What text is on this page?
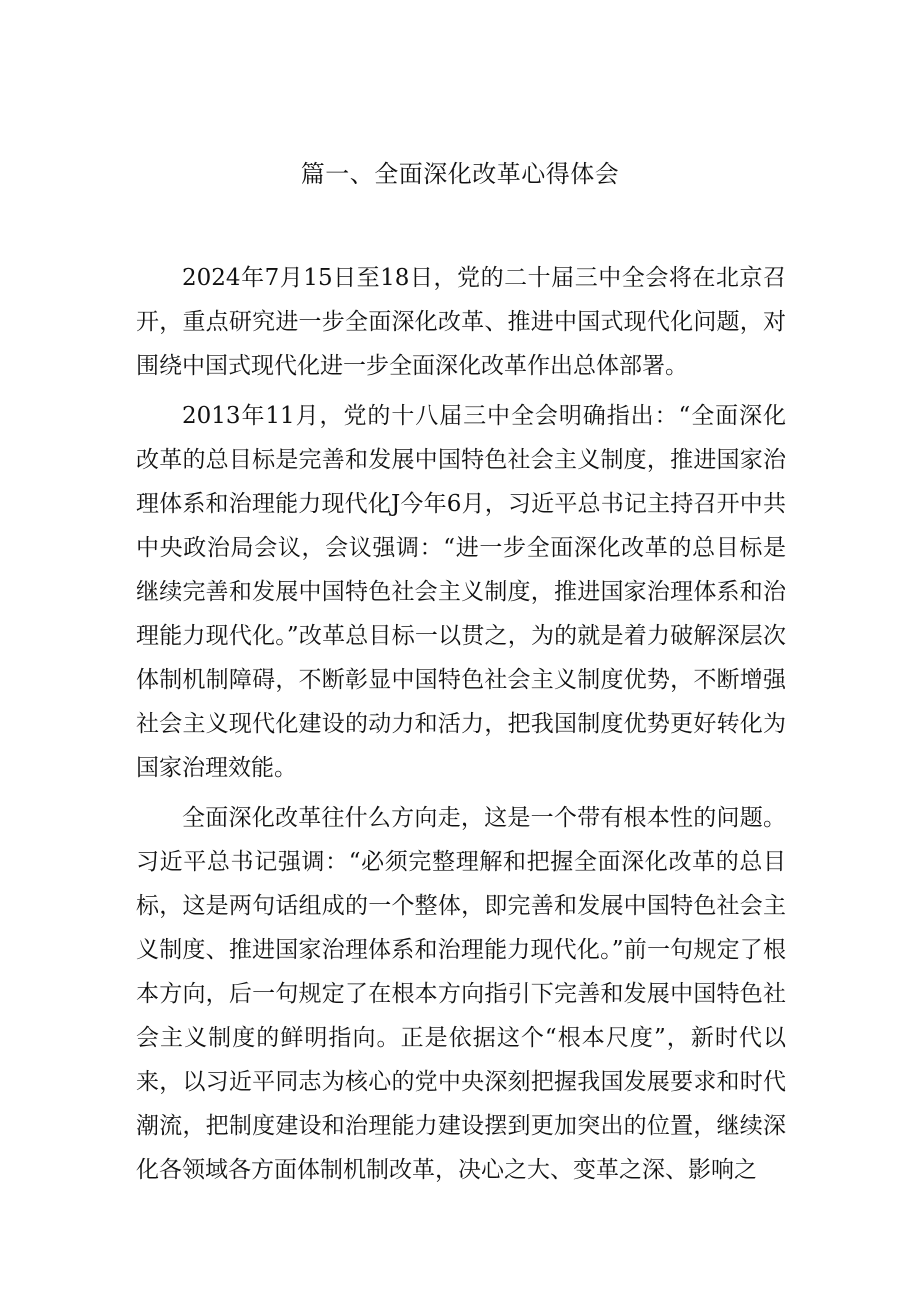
篇一、全面深化改革心得体会

2024年7月15日至18日，党的二十届三中全会将在北京召开，重点研究进一步全面深化改革、推进中国式现代化问题，对围绕中国式现代化进一步全面深化改革作出总体部署。

2013年11月，党的十八届三中全会明确指出：“全面深化改革的总目标是完善和发展中国特色社会主义制度，推进国家治理体系和治理能力现代化J今年6月，习近平总书记主持召开中共中央政治局会议，会议强调：“进一步全面深化改革的总目标是继续完善和发展中国特色社会主义制度，推进国家治理体系和治理能力现代化。”改革总目标一以贯之，为的就是着力破解深层次体制机制障碍，不断彰显中国特色社会主义制度优势，不断增强社会主义现代化建设的动力和活力，把我国制度优势更好转化为国家治理效能。

全面深化改革往什么方向走，这是一个带有根本性的问题。习近平总书记强调：“必须完整理解和把握全面深化改革的总目标，这是两句话组成的一个整体，即完善和发展中国特色社会主义制度、推进国家治理体系和治理能力现代化。”前一句规定了根本方向，后一句规定了在根本方向指引下完善和发展中国特色社会主义制度的鲜明指向。正是依据这个“根本尺度”，新时代以来，以习近平同志为核心的党中央深刻把握我国发展要求和时代潮流，把制度建设和治理能力建设摆到更加突出的位置，继续深化各领域各方面体制机制改革，决心之大、变革之深、影响之
